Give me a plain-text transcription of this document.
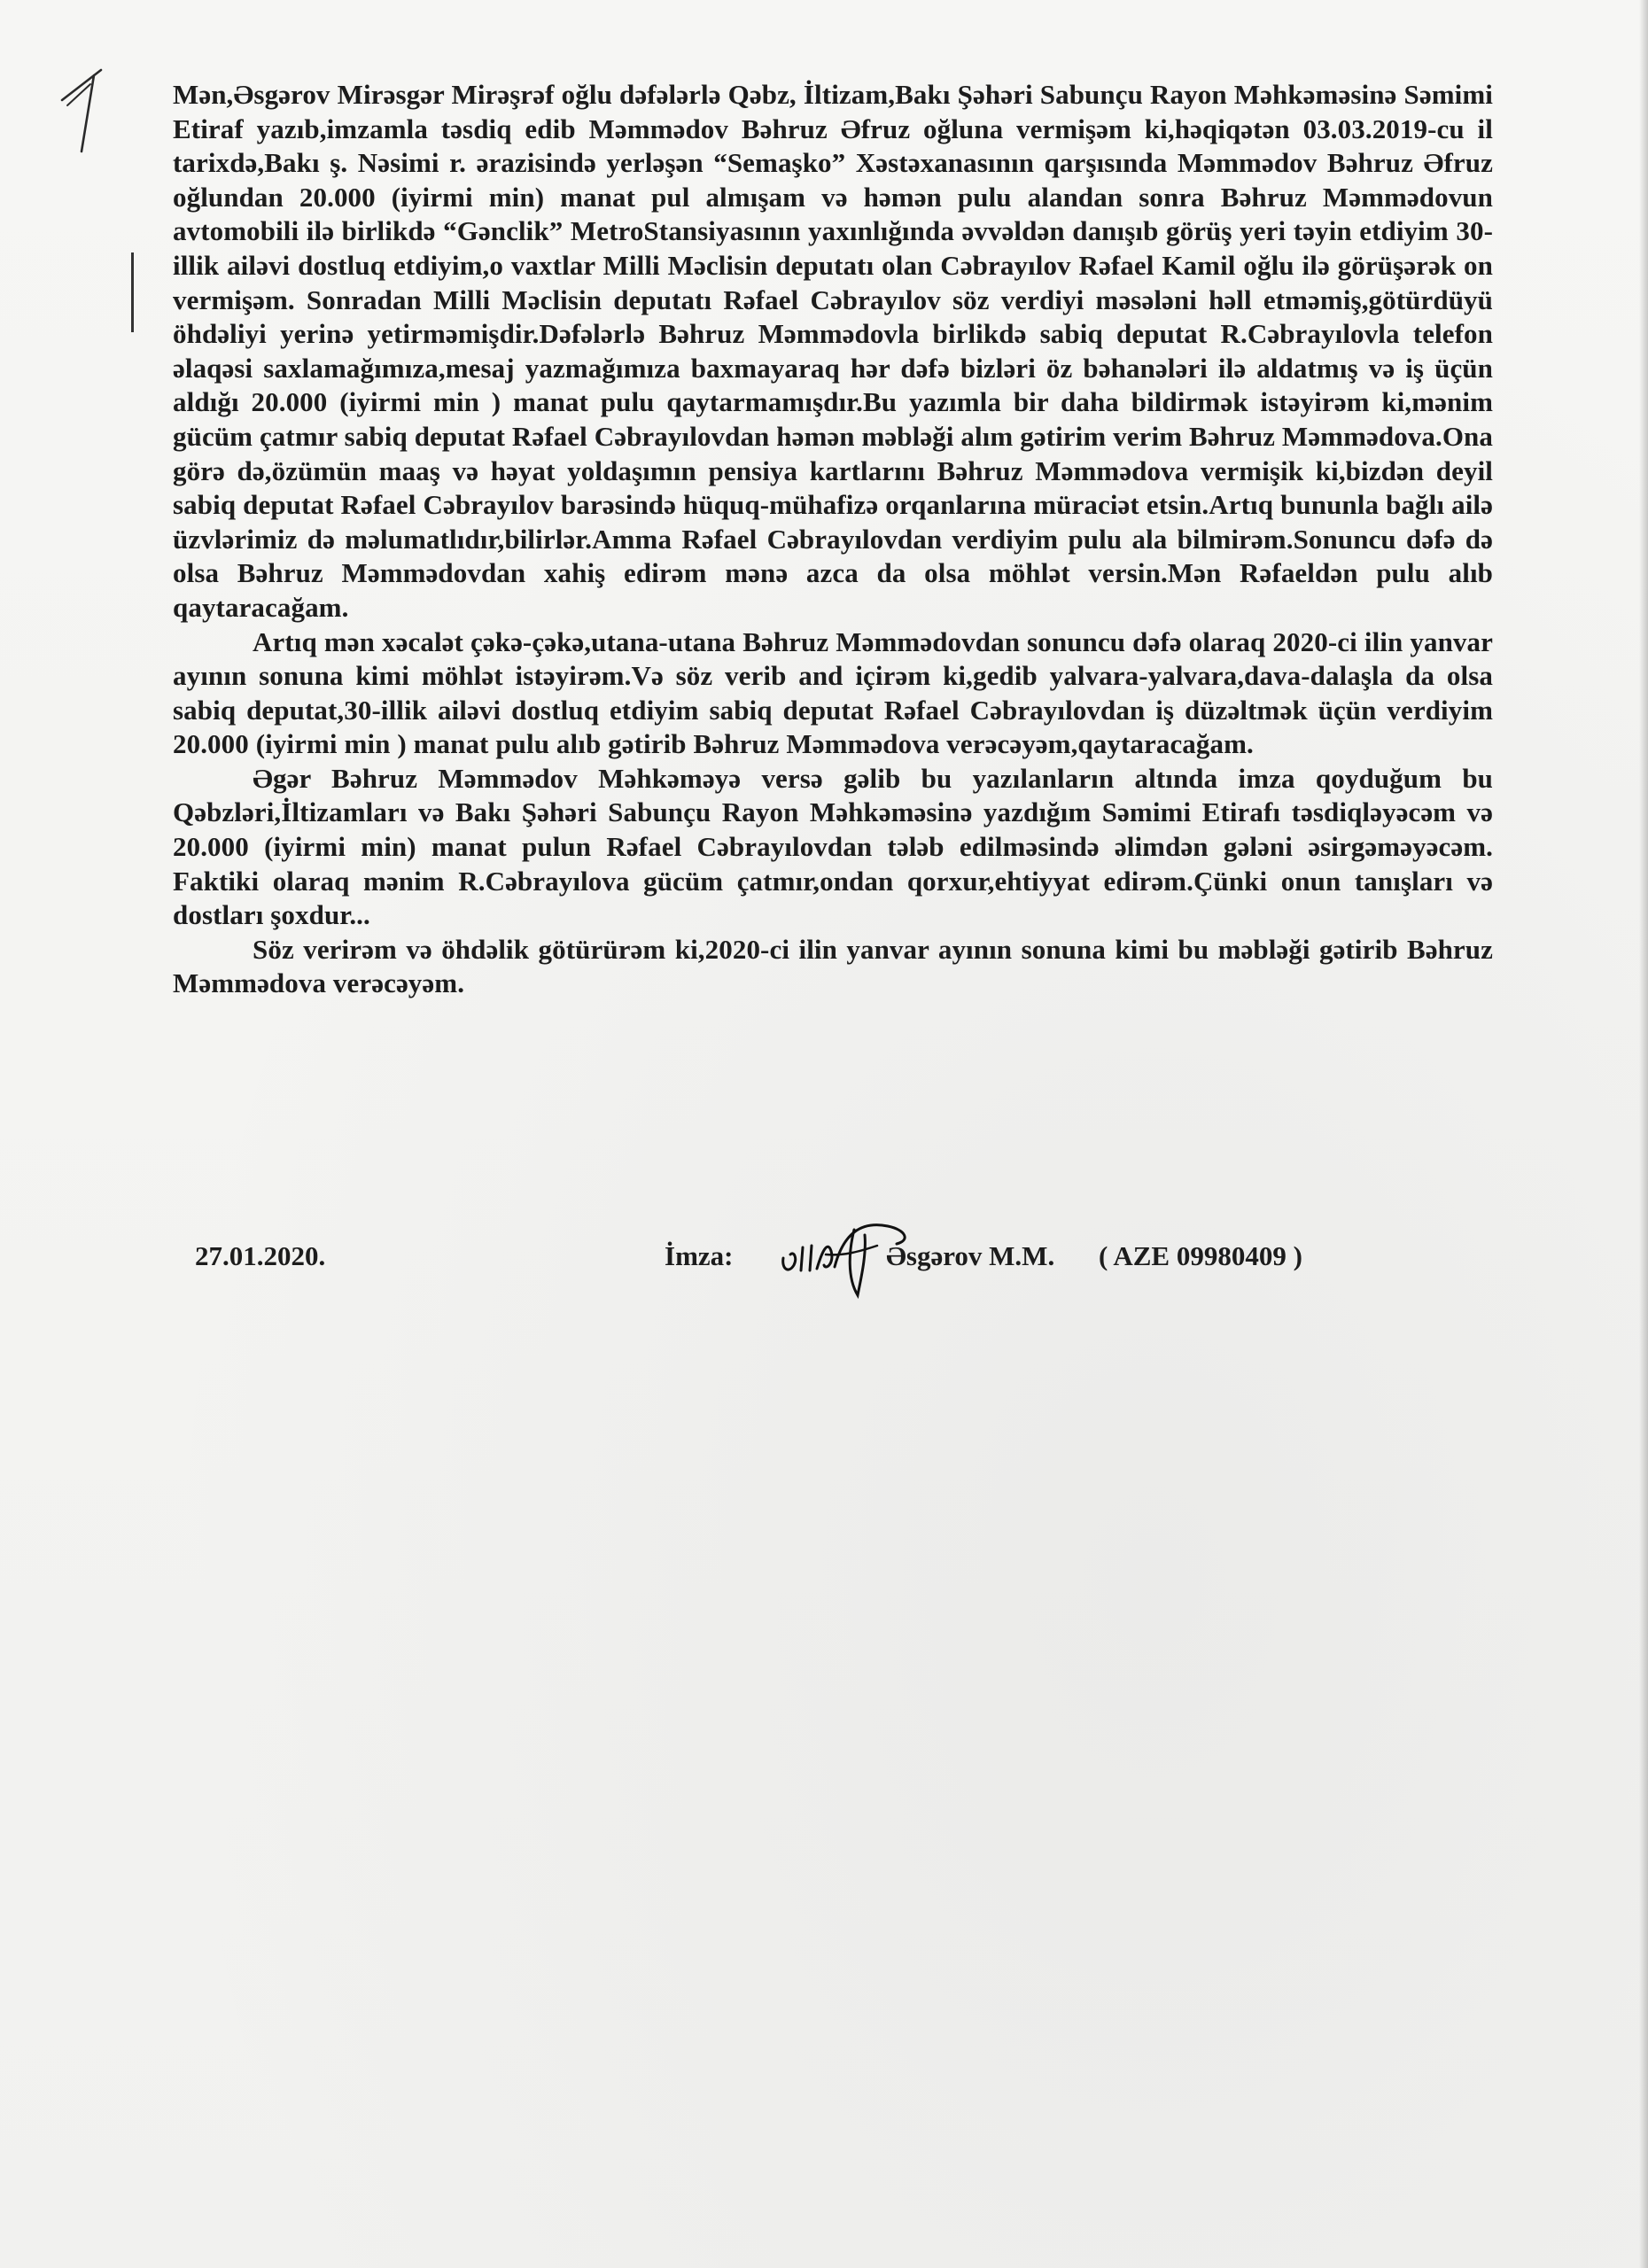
Mən,Əsgərov Mirəsgər Mirəşrəf oğlu dəfələrlə Qəbz, İltizam,Bakı Şəhəri Sabunçu Rayon Məhkəməsinə Səmimi Etiraf yazıb,imzamla təsdiq edib Məmmədov Bəhruz Əfruz oğluna vermişəm ki,həqiqətən 03.03.2019-cu il tarixdə,Bakı ş. Nəsimi r. ərazisində yerləşən “Semaşko” Xəstəxanasının qarşısında Məmmədov Bəhruz Əfruz oğlundan 20.000 (iyirmi min) manat pul almışam və həmən pulu alandan sonra Bəhruz Məmmədovun avtomobili ilə birlikdə “Gənclik” MetroStansiyasının yaxınlığında əvvəldən danışıb görüş yeri təyin etdiyim 30-illik ailəvi dostluq etdiyim,o vaxtlar Milli Məclisin deputatı olan Cəbrayılov Rəfael Kamil oğlu ilə görüşərək on vermişəm. Sonradan Milli Məclisin deputatı Rəfael Cəbrayılov söz verdiyi məsələni həll etməmiş,götürdüyü öhdəliyi yerinə yetirməmişdir.Dəfələrlə Bəhruz Məmmədovla birlikdə sabiq deputat R.Cəbrayılovla telefon əlaqəsi saxlamağımıza,mesaj yazmağımıza baxmayaraq hər dəfə bizləri öz bəhanələri ilə aldatmış və iş üçün aldığı 20.000 (iyirmi min ) manat pulu qaytarmamışdır.Bu yazımla bir daha bildirmək istəyirəm ki,mənim gücüm çatmır sabiq deputat Rəfael Cəbrayılovdan həmən məbləği alım gətirim verim Bəhruz Məmmədova.Ona görə də,özümün maaş və həyat yoldaşımın pensiya kartlarını Bəhruz Məmmədova vermişik ki,bizdən deyil sabiq deputat Rəfael Cəbrayılov barəsində hüquq-mühafizə orqanlarına müraciət etsin.Artıq bununla bağlı ailə üzvlərimiz də məlumatlıdır,bilirlər.Amma Rəfael Cəbrayılovdan verdiyim pulu ala bilmirəm.Sonuncu dəfə də olsa Bəhruz Məmmədovdan xahiş edirəm mənə azca da olsa möhlət versin.Mən Rəfaeldən pulu alıb qaytaracağam.

Artıq mən xəcalət çəkə-çəkə,utana-utana Bəhruz Məmmədovdan sonuncu dəfə olaraq 2020-ci ilin yanvar ayının sonuna kimi möhlət istəyirəm.Və söz verib and içirəm ki,gedib yalvara-yalvara,dava-dalaşla da olsa sabiq deputat,30-illik ailəvi dostluq etdiyim sabiq deputat Rəfael Cəbrayılovdan iş düzəltmək üçün verdiyim 20.000 (iyirmi min ) manat pulu alıb gətirib Bəhruz Məmmədova verəcəyəm,qaytaracağam.

Əgər Bəhruz Məmmədov Məhkəməyə versə gəlib bu yazılanların altında imza qoyduğum bu Qəbzləri,İltizamları və Bakı Şəhəri Sabunçu Rayon Məhkəməsinə yazdığım Səmimi Etirafı təsdiqləyəcəm və 20.000 (iyirmi min) manat pulun Rəfael Cəbrayılovdan tələb edilməsində əlimdən gələni əsirgəməyəcəm. Faktiki olaraq mənim R.Cəbrayılova gücüm çatmır,ondan qorxur,ehtiyyat edirəm.Çünki onun tanışları və dostları şoxdur...

Söz verirəm və öhdəlik götürürəm ki,2020-ci ilin yanvar ayının sonuna kimi bu məbləği gətirib Bəhruz Məmmədova verəcəyəm.

27.01.2020.	İmza:	Əsgərov M.M. ( AZE 09980409 )
